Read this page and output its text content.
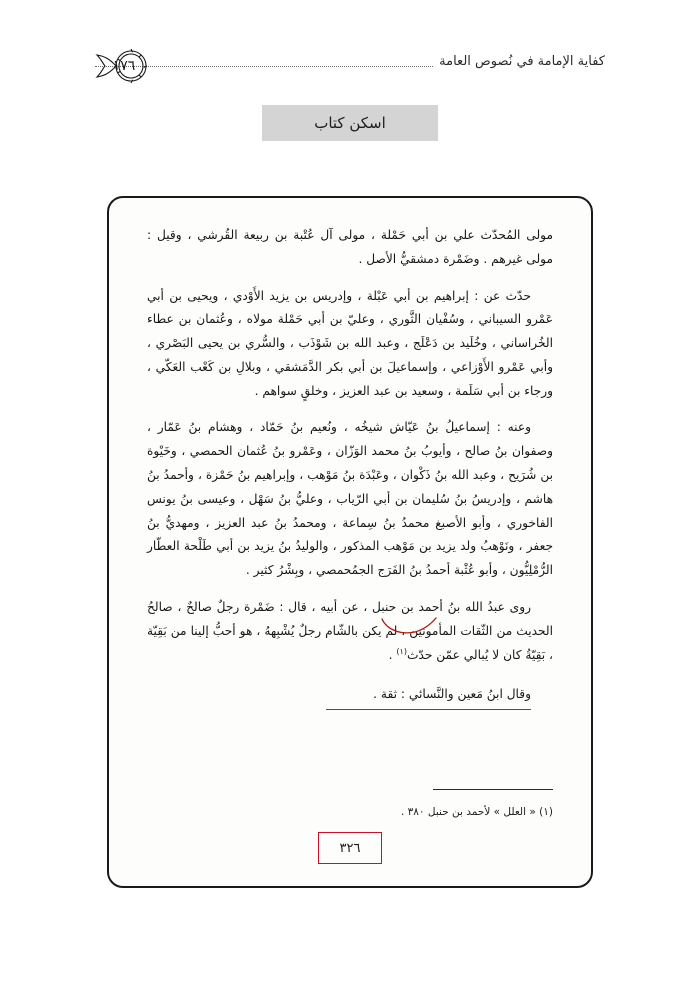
كفاية الإمامة في نُصوص العامة
١٧٦
اسكن كتاب

مولى المُحدّث علي بن أبي حَمْلة ، مولى آل عُتْبة بن ربيعة القُرشي ، وقيل : مولى غيرهم . وضَمْرة دمشقيُّ الأصل .

حدّث عن : إبراهيم بن أبي عَبْلة ، وإدريس بن يزيد الأَوْدي ، ويحيى بن أبي عَمْرو السيباني ، وسُفْيان الثَّوري ، وعليّ بن أبي حَمْلة مولاه ، وعُثمان بن عطاء الخُراساني ، وخُلَيد بن دَعْلَج ، وعبد الله بن شَوْذَب ، والسُّري بن يحيى البَصْري ، وأبي عَمْرو الأَوْزاعي ، وإسماعيلَ بن أبي بكر الدَّمَشقي ، وبلالِ بن كَعْب العَكّي ، ورجاء بن أبي سَلَمة ، وسعيد بن عبد العزيز ، وخلقٍ سواهم .

وعنه : إسماعيلُ بنُ عَيّاش شيخُه ، ونُعيم بنُ حَمّاد ، وهشام بنُ عَمّار ، وصفوان بنُ صالح ، وأيوبُ بنُ محمد الوَزّان ، وعَمْرو بنُ عُثمان الحمصي ، وخَيْوة بن شُرَيح ، وعبد الله بنُ ذَكْوان ، وعَبْدَة بنُ مَوْهب ، وإبراهيم بنُ حَمْزة ، وأحمدُ بنُ هاشم ، وإدريسُ بنُ سُليمان بن أبي الرّياب ، وعليُّ بنُ سَهْل ، وعيسى بنُ يونس الفاخوري ، وأبو الأصبغ محمدُ بنُ سِماعة ، ومحمدُ بنُ عبد العزيز ، ومهديُّ بنُ جعفر ، ونَوْهبُ ولد يزيد بن مَوْهب المذكور ، والوليدُ بنُ يزيد بن أبي طَلْحة العطّار الرُّمْلِيُّون ، وأبو عُثْبة أحمدُ بنُ الفَرَج الجمُحمصي ، وبِشْرُ كثير .

روى عبدُ الله بنُ أحمد بن حنبل ، عن أبيه ، قال : ضَمْرة رجلٌ صالحٌ ، صالحُ الحديث من الثّقات المأمونين ، لم يكن بالشّام رجلٌ يُشْبِههُ ، هو أحبُّ إلينا من بَقِيّة ، بَقِيّةُ كان لا يُبالي عمّن حدّث$^{(١)}$ .

وقال ابنُ مَعين والنَّسائي : ثقة .
(١) « العلل » لأحمد بن حنبل ٣٨٠ .
٣٢٦
